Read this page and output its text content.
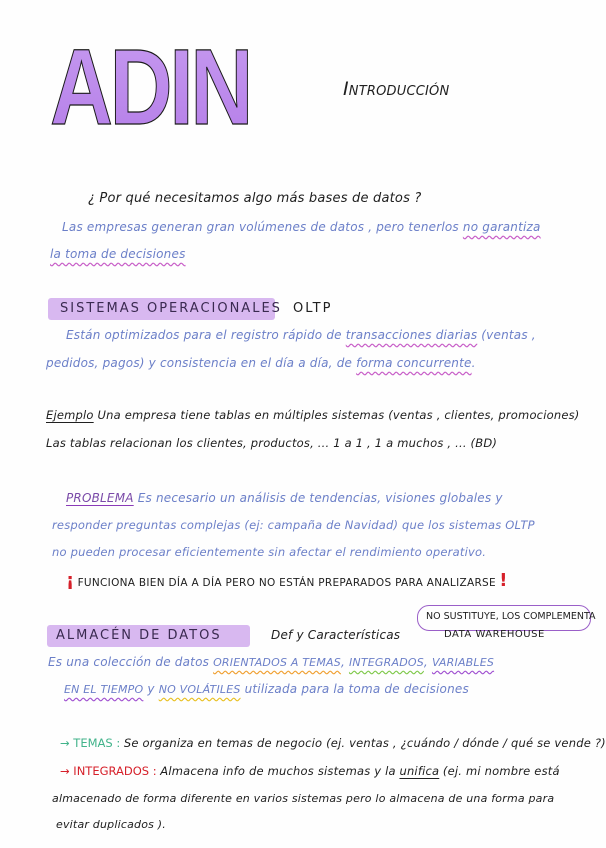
ADIN	Introducción
¿ Por qué necesitamos algo más bases de datos ?
Las empresas generan gran volúmenes de datos , pero tenerlos no garantiza
la toma de decisiones
SISTEMAS OPERACIONALES OLTP
Están optimizados para el registro rápido de transacciones diarias (ventas ,
pedidos, pagos) y consistencia en el día a día, de forma concurrente.
Ejemplo Una empresa tiene tablas en múltiples sistemas (ventas , clientes, promociones)
Las tablas relacionan los clientes, productos, ... 1 a 1 , 1 a muchos , ... (BD)
PROBLEMA Es necesario un análisis de tendencias, visiones globales y
responder preguntas complejas (ej: campaña de Navidad) que los sistemas OLTP
no pueden procesar eficientemente sin afectar el rendimiento operativo.
¡ FUNCIONA BIEN DÍA A DÍA PERO NO ESTÁN PREPARADOS PARA ANALIZARSE !
ALMACÉN DE DATOS	Def y Características
NO SUSTITUYE, LOS COMPLEMENTA
DATA WAREHOUSE
Es una colección de datos ORIENTADOS A TEMAS, INTEGRADOS, VARIABLES
EN EL TIEMPO y NO VOLÁTILES utilizada para la toma de decisiones
→ TEMAS : Se organiza en temas de negocio (ej. ventas , ¿cuándo / dónde / qué se vende ?)
→ INTEGRADOS : Almacena info de muchos sistemas y la unifica (ej. mi nombre está
almacenado de forma diferente en varios sistemas pero lo almacena de una forma para
evitar duplicados ).
